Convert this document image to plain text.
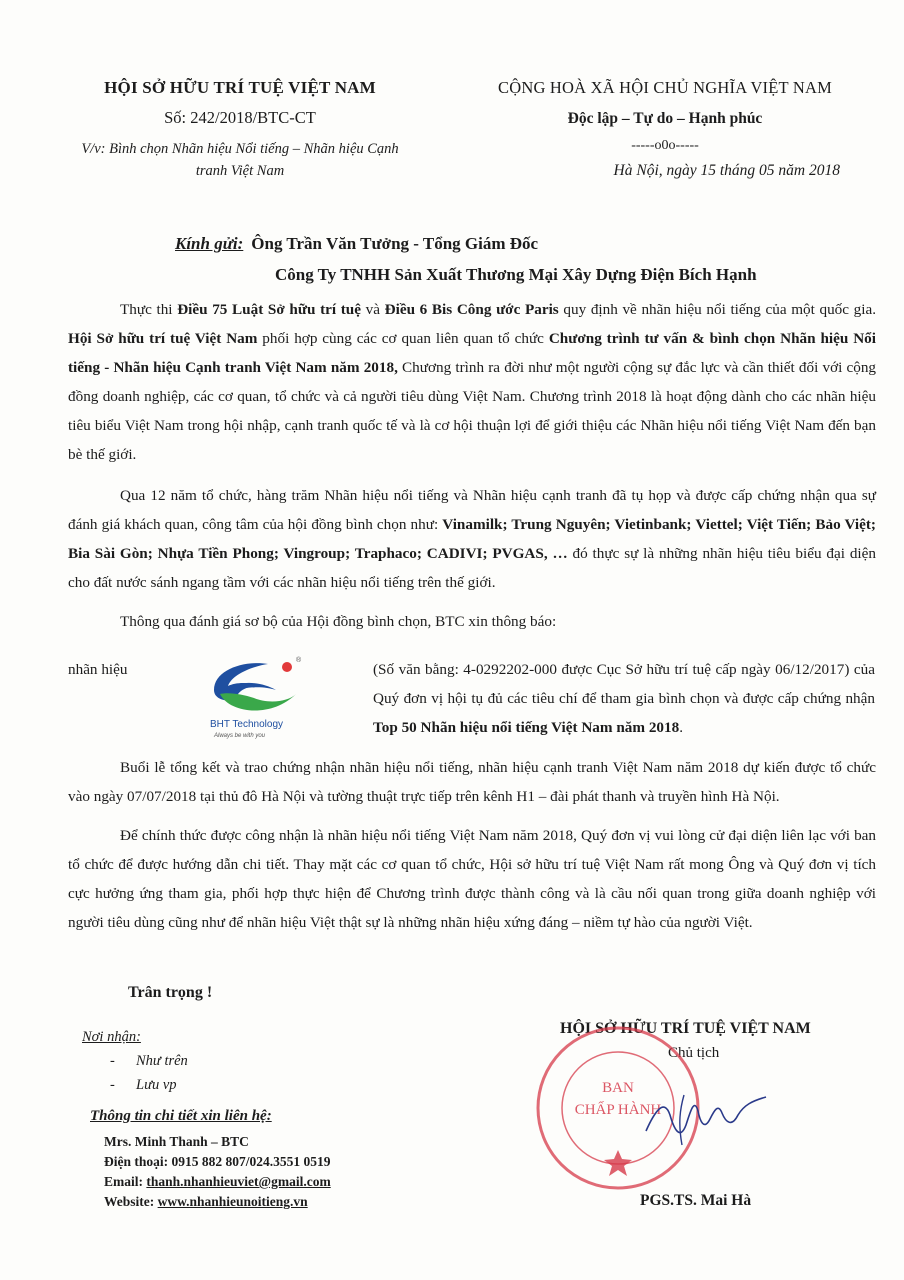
HỘI SỞ HỮU TRÍ TUỆ VIỆT NAM
Số: 242/2018/BTC-CT
V/v: Bình chọn Nhãn hiệu Nổi tiếng – Nhãn hiệu Cạnh
tranh Việt Nam
CỘNG HOÀ XÃ HỘI CHỦ NGHĨA VIỆT NAM
Độc lập – Tự do – Hạnh phúc
-----o0o-----
Hà Nội, ngày 15 tháng 05 năm 2018
Kính gửi: Ông Trần Văn Tưởng - Tổng Giám Đốc
Công Ty TNHH Sản Xuất Thương Mại Xây Dựng Điện Bích Hạnh

Thực thi Điều 75 Luật Sở hữu trí tuệ và Điều 6 Bis Công ước Paris quy định về nhãn hiệu nổi tiếng của một quốc gia. Hội Sở hữu trí tuệ Việt Nam phối hợp cùng các cơ quan liên quan tổ chức Chương trình tư vấn & bình chọn Nhãn hiệu Nổi tiếng - Nhãn hiệu Cạnh tranh Việt Nam năm 2018, Chương trình ra đời như một người cộng sự đắc lực và cần thiết đối với cộng đồng doanh nghiệp, các cơ quan, tổ chức và cả người tiêu dùng Việt Nam. Chương trình 2018 là hoạt động dành cho các nhãn hiệu tiêu biểu Việt Nam trong hội nhập, cạnh tranh quốc tế và là cơ hội thuận lợi để giới thiệu các Nhãn hiệu nổi tiếng Việt Nam đến bạn bè thế giới.

Qua 12 năm tổ chức, hàng trăm Nhãn hiệu nổi tiếng và Nhãn hiệu cạnh tranh đã tụ họp và được cấp chứng nhận qua sự đánh giá khách quan, công tâm của hội đồng bình chọn như: Vinamilk; Trung Nguyên; Vietinbank; Viettel; Việt Tiến; Bảo Việt; Bia Sài Gòn; Nhựa Tiền Phong; Vingroup; Traphaco; CADIVI; PVGAS, … đó thực sự là những nhãn hiệu tiêu biểu đại diện cho đất nước sánh ngang tầm với các nhãn hiệu nổi tiếng trên thế giới.

Thông qua đánh giá sơ bộ của Hội đồng bình chọn, BTC xin thông báo:

nhãn hiệu
®
BHT Technology
Always be with you
(Số văn bằng: 4-0292202-000 được Cục Sở hữu trí tuệ cấp ngày 06/12/2017) của Quý đơn vị hội tụ đủ các tiêu chí để tham gia bình chọn và được cấp chứng nhận Top 50 Nhãn hiệu nổi tiếng Việt Nam năm 2018.

Buổi lễ tổng kết và trao chứng nhận nhãn hiệu nổi tiếng, nhãn hiệu cạnh tranh Việt Nam năm 2018 dự kiến được tổ chức vào ngày 07/07/2018 tại thủ đô Hà Nội và tường thuật trực tiếp trên kênh H1 – đài phát thanh và truyền hình Hà Nội.

Để chính thức được công nhận là nhãn hiệu nổi tiếng Việt Nam năm 2018, Quý đơn vị vui lòng cử đại diện liên lạc với ban tổ chức để được hướng dẫn chi tiết. Thay mặt các cơ quan tổ chức, Hội sở hữu trí tuệ Việt Nam rất mong Ông và Quý đơn vị tích cực hưởng ứng tham gia, phối hợp thực hiện để Chương trình được thành công và là cầu nối quan trong giữa doanh nghiệp với người tiêu dùng cũng như để nhãn hiệu Việt thật sự là những nhãn hiệu xứng đáng – niềm tự hào của người Việt.

Trân trọng !
Nơi nhận:
- Như trên
- Lưu vp
Thông tin chi tiết xin liên hệ:
Mrs. Minh Thanh – BTC
Điện thoại: 0915 882 807/024.3551 0519
Email: thanh.nhanhieuviet@gmail.com
Website: www.nhanhieunoitieng.vn
HỘI SỞ HỮU TRÍ TUỆ VIỆT NAM
Chủ tịch
BAN
CHẤP HÀNH
PGS.TS. Mai Hà
